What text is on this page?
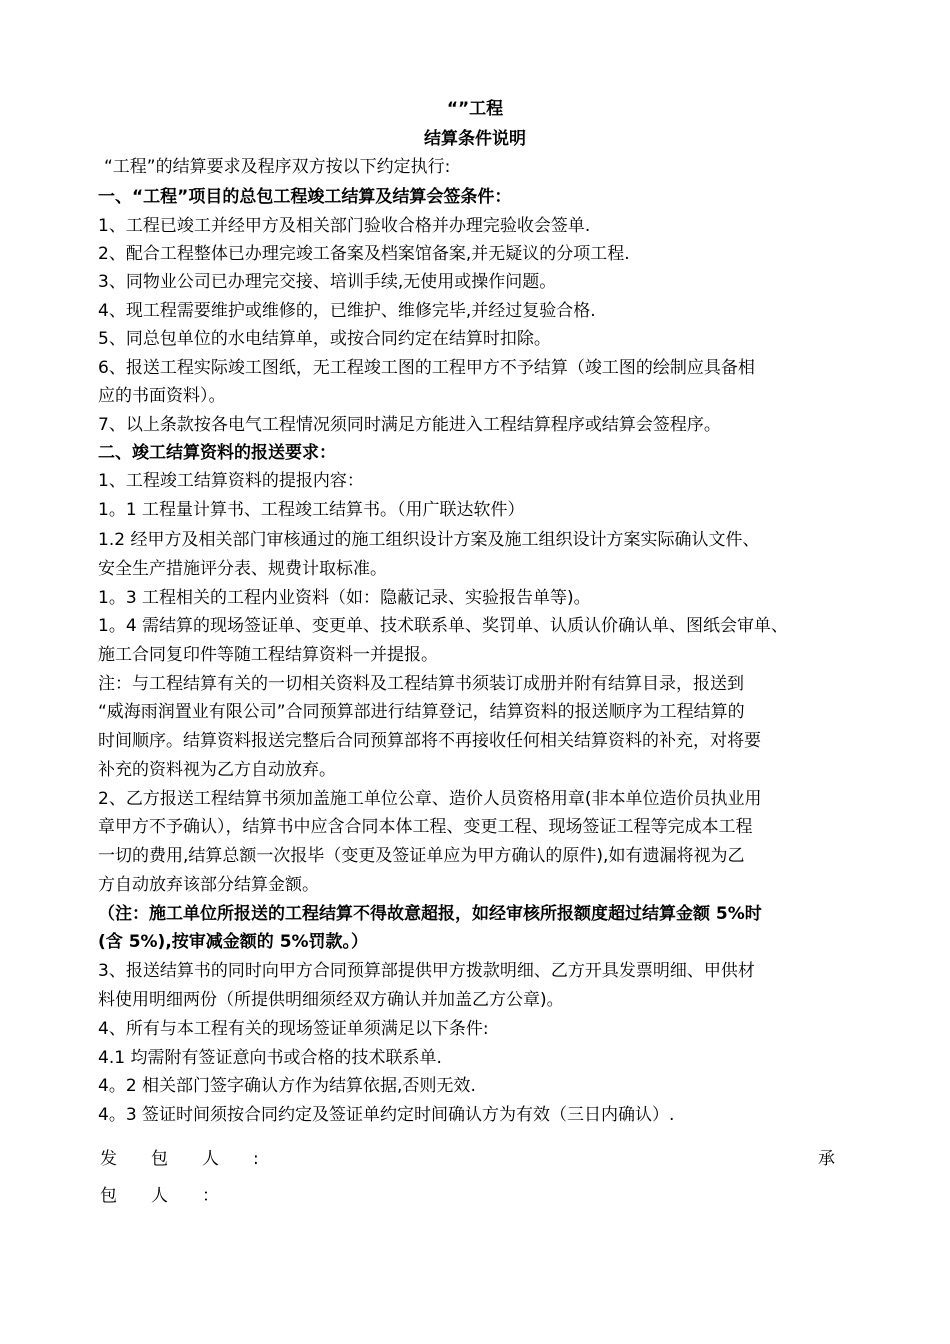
“”工程
结算条件说明
“工程”的结算要求及程序双方按以下约定执行:
一、“工程”项目的总包工程竣工结算及结算会签条件：
1、工程已竣工并经甲方及相关部门验收合格并办理完验收会签单.
2、配合工程整体已办理完竣工备案及档案馆备案,并无疑议的分项工程.
3、同物业公司已办理完交接、培训手续,无使用或操作问题。
4、现工程需要维护或维修的，已维护、维修完毕,并经过复验合格.
5、同总包单位的水电结算单，或按合同约定在结算时扣除。
6、报送工程实际竣工图纸，无工程竣工图的工程甲方不予结算（竣工图的绘制应具备相
应的书面资料）。
7、以上条款按各电气工程情况须同时满足方能进入工程结算程序或结算会签程序。
二、竣工结算资料的报送要求：
1、工程竣工结算资料的提报内容：
1。1 工程量计算书、工程竣工结算书。（用广联达软件）
1.2 经甲方及相关部门审核通过的施工组织设计方案及施工组织设计方案实际确认文件、
安全生产措施评分表、规费计取标准。
1。3 工程相关的工程内业资料（如：隐蔽记录、实验报告单等)。
1。4 需结算的现场签证单、变更单、技术联系单、奖罚单、认质认价确认单、图纸会审单、
施工合同复印件等随工程结算资料一并提报。
注：与工程结算有关的一切相关资料及工程结算书须装订成册并附有结算目录，报送到
“威海雨润置业有限公司”合同预算部进行结算登记，结算资料的报送顺序为工程结算的
时间顺序。结算资料报送完整后合同预算部将不再接收任何相关结算资料的补充，对将要
补充的资料视为乙方自动放弃。
2、乙方报送工程结算书须加盖施工单位公章、造价人员资格用章(非本单位造价员执业用
章甲方不予确认），结算书中应含合同本体工程、变更工程、现场签证工程等完成本工程
一切的费用,结算总额一次报毕（变更及签证单应为甲方确认的原件),如有遗漏将视为乙
方自动放弃该部分结算金额。
（注：施工单位所报送的工程结算不得故意超报，如经审核所报额度超过结算金额 5%时
(含 5%),按审减金额的 5%罚款。）
3、报送结算书的同时向甲方合同预算部提供甲方拨款明细、乙方开具发票明细、甲供材
料使用明细两份（所提供明细须经双方确认并加盖乙方公章)。
4、所有与本工程有关的现场签证单须满足以下条件:
4.1 均需附有签证意向书或合格的技术联系单.
4。2 相关部门签字确认方作为结算依据,否则无效.
4。3 签证时间须按合同约定及签证单约定时间确认方为有效（三日内确认）.
发包人:	承
包人：
